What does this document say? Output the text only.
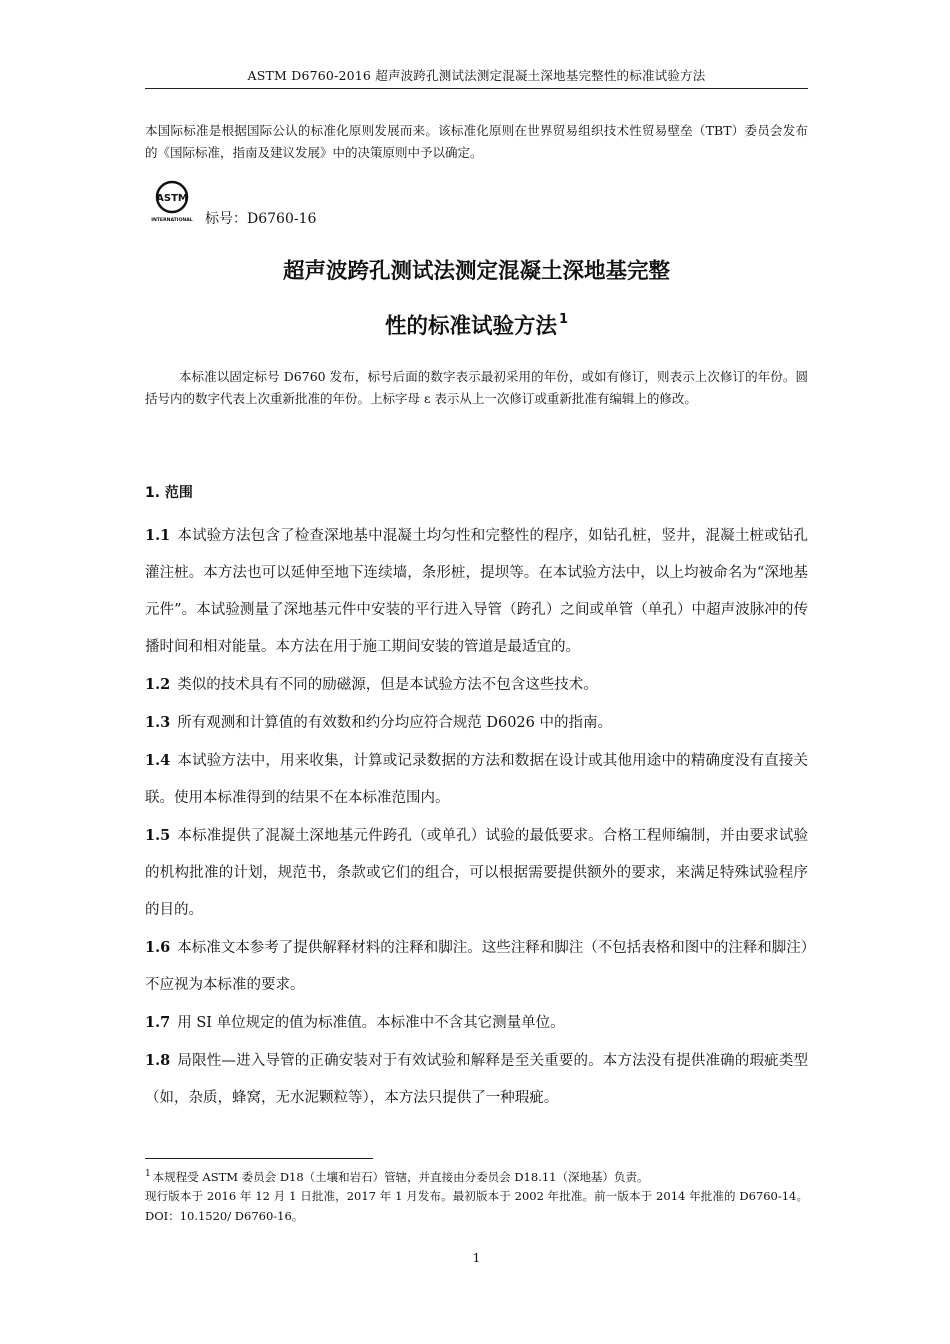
ASTM D6760-2016 超声波跨孔测试法测定混凝土深地基完整性的标准试验方法
本国际标准是根据国际公认的标准化原则发展而来。该标准化原则在世界贸易组织技术性贸易壁垒（TBT）委员会发布的《国际标准，指南及建议发展》中的决策原则中予以确定。
ASTM
INTERNATIONAL 标号：D6760-16
超声波跨孔测试法测定混凝土深地基完整
性的标准试验方法 $^1$
本标准以固定标号 D6760 发布，标号后面的数字表示最初采用的年份，或如有修订，则表示上次修订的年份。圆括号内的数字代表上次重新批准的年份。上标字母 ε 表示从上一次修订或重新批准有编辑上的修改。
1. 范围

1.1 本试验方法包含了检查深地基中混凝土均匀性和完整性的程序，如钻孔桩，竖井，混凝土桩或钻孔灌注桩。本方法也可以延伸至地下连续墙，条形桩，提坝等。在本试验方法中，以上均被命名为“深地基元件”。本试验测量了深地基元件中安装的平行进入导管（跨孔）之间或单管（单孔）中超声波脉冲的传播时间和相对能量。本方法在用于施工期间安装的管道是最适宜的。

1.2 类似的技术具有不同的励磁源，但是本试验方法不包含这些技术。

1.3 所有观测和计算值的有效数和约分均应符合规范 D6026 中的指南。

1.4 本试验方法中，用来收集，计算或记录数据的方法和数据在设计或其他用途中的精确度没有直接关联。使用本标准得到的结果不在本标准范围内。

1.5 本标准提供了混凝土深地基元件跨孔（或单孔）试验的最低要求。合格工程师编制，并由要求试验的机构批准的计划，规范书，条款或它们的组合，可以根据需要提供额外的要求，来满足特殊试验程序的目的。

1.6 本标准文本参考了提供解释材料的注释和脚注。这些注释和脚注（不包括表格和图中的注释和脚注）不应视为本标准的要求。

1.7 用 SI 单位规定的值为标准值。本标准中不含其它测量单位。

1.8 局限性—进入导管的正确安装对于有效试验和解释是至关重要的。本方法没有提供准确的瑕疵类型（如，杂质，蜂窝，无水泥颗粒等），本方法只提供了一种瑕疵。

$^1$ 本规程受 ASTM 委员会 D18（土壤和岩石）管辖，并直接由分委员会 D18.11（深地基）负责。
现行版本于 2016 年 12 月 1 日批准，2017 年 1 月发布。最初版本于 2002 年批准。前一版本于 2014 年批准的 D6760-14。DOI：10.1520/ D6760-16。
1
